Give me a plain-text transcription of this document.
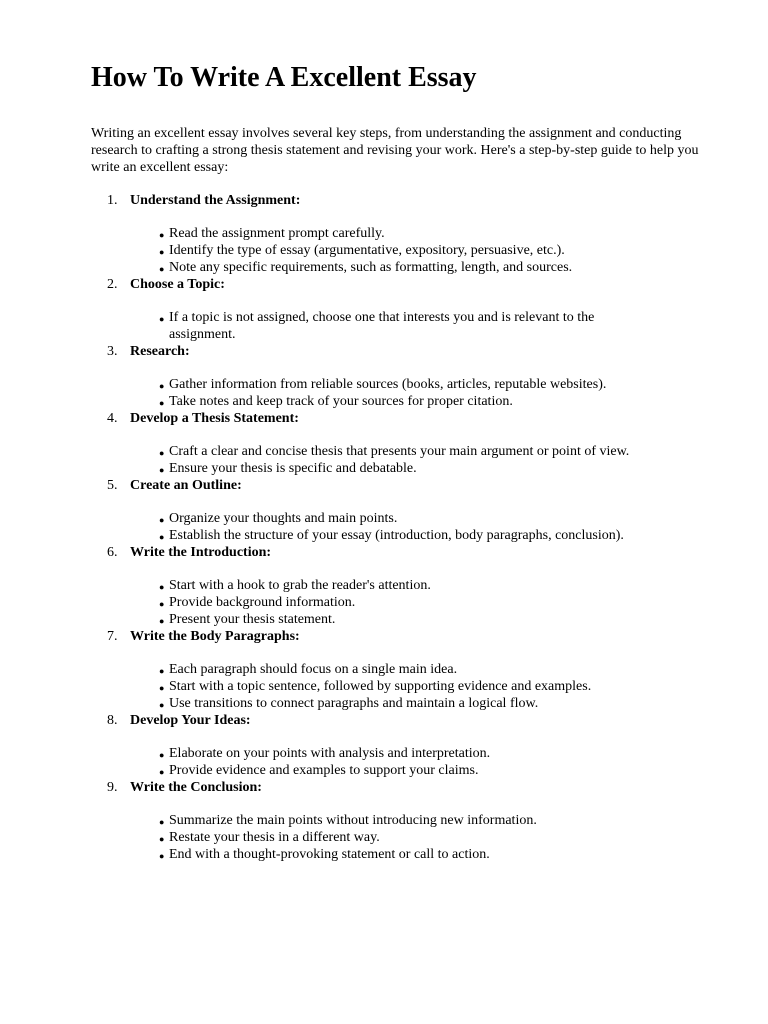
How To Write A Excellent Essay

Writing an excellent essay involves several key steps, from understanding the assignment and conducting research to crafting a strong thesis statement and revising your work. Here's a step-by-step guide to help you write an excellent essay:

1. Understand the Assignment:
● Read the assignment prompt carefully.
● Identify the type of essay (argumentative, expository, persuasive, etc.).
● Note any specific requirements, such as formatting, length, and sources.
2. Choose a Topic:
● If a topic is not assigned, choose one that interests you and is relevant to the assignment.
3. Research:
● Gather information from reliable sources (books, articles, reputable websites).
● Take notes and keep track of your sources for proper citation.
4. Develop a Thesis Statement:
● Craft a clear and concise thesis that presents your main argument or point of view.
● Ensure your thesis is specific and debatable.
5. Create an Outline:
● Organize your thoughts and main points.
● Establish the structure of your essay (introduction, body paragraphs, conclusion).
6. Write the Introduction:
● Start with a hook to grab the reader's attention.
● Provide background information.
● Present your thesis statement.
7. Write the Body Paragraphs:
● Each paragraph should focus on a single main idea.
● Start with a topic sentence, followed by supporting evidence and examples.
● Use transitions to connect paragraphs and maintain a logical flow.
8. Develop Your Ideas:
● Elaborate on your points with analysis and interpretation.
● Provide evidence and examples to support your claims.
9. Write the Conclusion:
● Summarize the main points without introducing new information.
● Restate your thesis in a different way.
● End with a thought-provoking statement or call to action.
